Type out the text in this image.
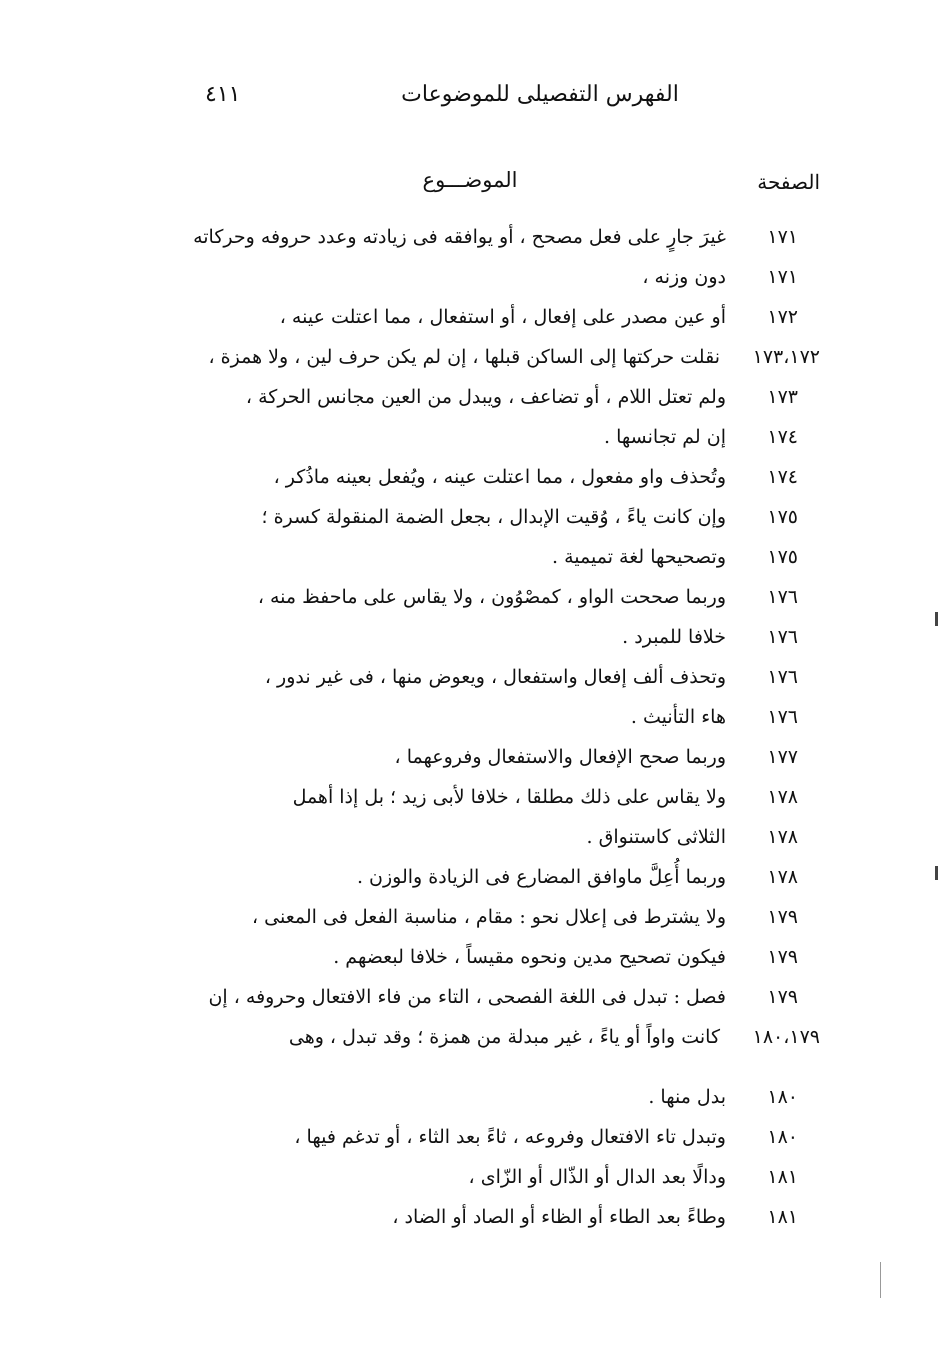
الفهرس التفصيلى للموضوعات
٤١١
الصفحة
الموضـــوع
١٧١
غيرَ جارٍ على فعل مصحح ، أو يوافقه فى زيادته وعدد حروفه وحركاته
١٧١
دون وزنه ،
١٧٢
أو عين مصدر على إفعال ، أو استفعال ، مما اعتلت عينه ،
١٧٣،١٧٢
نقلت حركتها إلى الساكن قبلها ، إن لم يكن حرف لين ، ولا همزة ،
١٧٣
ولم تعتل اللام ، أو تضاعف ، ويبدل من العين مجانس الحركة ،
١٧٤
إن لم تجانسها .
١٧٤
وتُحذف واو مفعول ، مما اعتلت عينه ، ويُفعل بعينه ماذُكر ،
١٧٥
وإن كانت ياءً ، وُقيت الإبدال ، بجعل الضمة المنقولة كسرة ؛
١٧٥
وتصحيحها لغة تميمية .
١٧٦
وربما صححت الواو ، كمصْوُون ، ولا يقاس على ماحفظ منه ،
١٧٦
خلافا للمبرد .
١٧٦
وتحذف ألف إفعال واستفعال ، ويعوض منها ، فى غير ندور ،
١٧٦
هاء التأنيث .
١٧٧
وربما صحح الإفعال والاستفعال وفروعهما ،
١٧٨
ولا يقاس على ذلك مطلقا ، خلافا لأبى زيد ؛ بل إذا أهمل
١٧٨
الثلاثى كاستنواق .
١٧٨
وربما أُعِلَّ ماوافق المضارع فى الزيادة والوزن .
١٧٩
ولا يشترط فى إعلال نحو : مقام ، مناسبة الفعل فى المعنى ،
١٧٩
فيكون تصحيح مدين ونحوه مقيساً ، خلافا لبعضهم .
١٧٩
فصل : تبدل فى اللغة الفصحى ، التاء من فاء الافتعال وحروفه ، إن
١٨٠،١٧٩
كانت واواً أو ياءً ، غير مبدلة من همزة ؛ وقد تبدل ، وهى
١٨٠
بدل منها .
١٨٠
وتبدل تاء الافتعال وفروعه ، ثاءً بعد الثاء ، أو تدغم فيها ،
١٨١
ودالًا بعد الدال أو الذّال أو الزّاى ،
١٨١
وطاءً بعد الطاء أو الظاء أو الصاد أو الضاد ،
